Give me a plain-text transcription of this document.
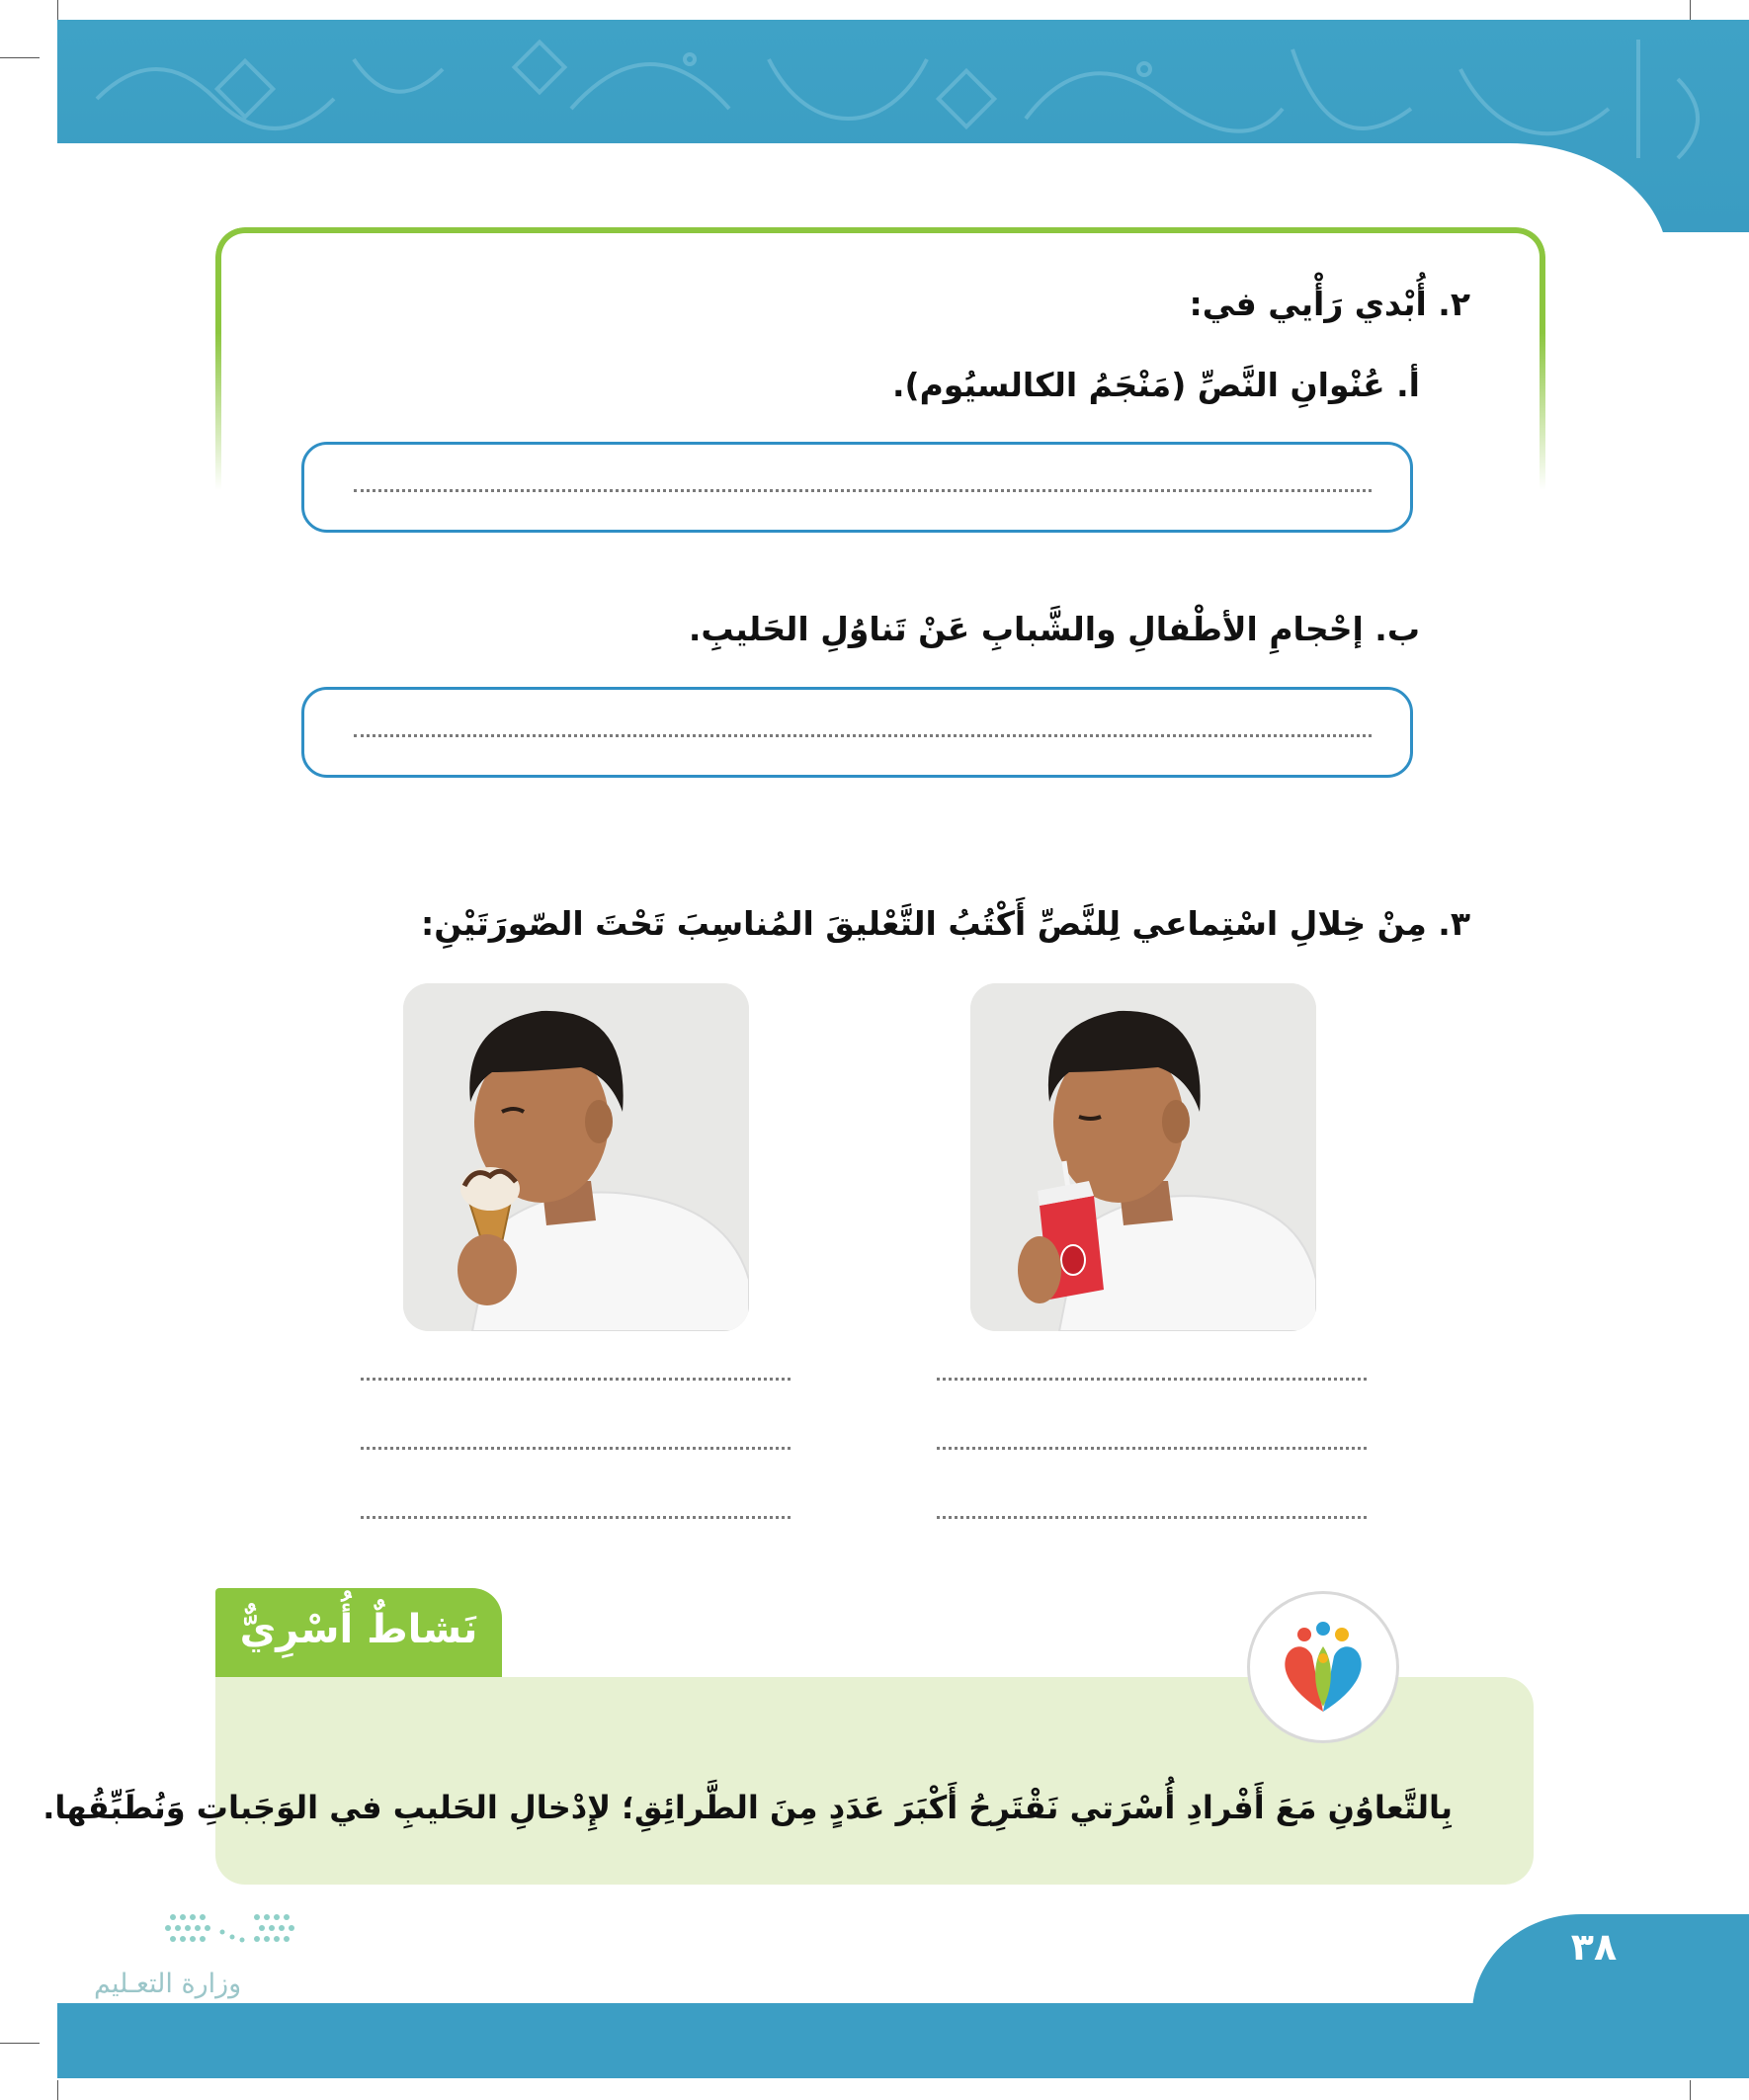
٢. أُبْدي رَأْيي في:
أ. عُنْوانِ النَّصِّ (مَنْجَمُ الكالسيُوم).
ب. إحْجامِ الأطْفالِ والشَّبابِ عَنْ تَناوُلِ الحَليبِ.
٣. مِنْ خِلالِ اسْتِماعي لِلنَّصِّ أَكْتُبُ التَّعْليقَ المُناسِبَ تَحْتَ الصّورَتَيْنِ:
نَشاطٌ أُسْرِيٌّ
بِالتَّعاوُنِ مَعَ أَفْرادِ أُسْرَتي نَقْتَرِحُ أَكْبَرَ عَدَدٍ مِنَ الطَّرائِقِ؛ لإِدْخالِ الحَليبِ في الوَجَباتِ وَنُطَبِّقُها.
٣٨
وزارة التعـليم
